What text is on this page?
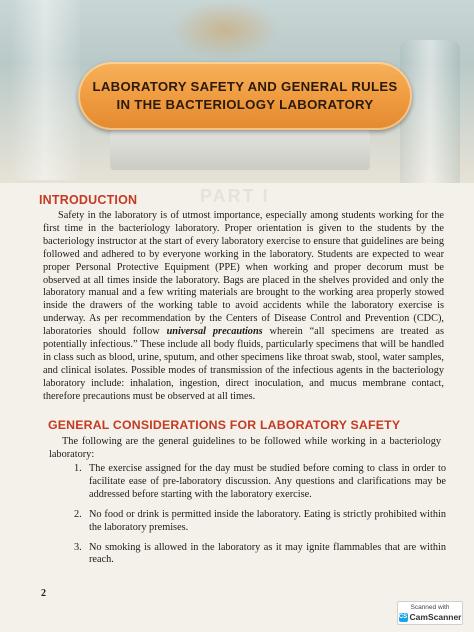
LABORATORY SAFETY AND GENERAL RULES
IN THE BACTERIOLOGY LABORATORY
PART I
INTRODUCTION

Safety in the laboratory is of utmost importance, especially among students working for the first time in the bacteriology laboratory. Proper orientation is given to the students by the bacteriology instructor at the start of every laboratory exercise to ensure that guidelines are being followed and adhered to by everyone working in the laboratory. Students are expected to wear proper Personal Protective Equipment (PPE) when working and proper decorum must be observed at all times inside the laboratory. Bags are placed in the shelves provided and only the laboratory manual and a few writing materials are brought to the working area properly stowed inside the drawers of the working table to avoid accidents while the laboratory exercise is underway. As per recommendation by the Centers of Disease Control and Prevention (CDC), laboratories should follow universal precautions wherein “all specimens are treated as potentially infectious.” These include all body fluids, particularly specimens that will be handled in class such as blood, urine, sputum, and other specimens like throat swab, stool, water samples, and clinical isolates. Possible modes of transmission of the infectious agents in the bacteriology laboratory include: inhalation, ingestion, direct inoculation, and mucus membrane contact, therefore precautions must be observed at all times.

GENERAL CONSIDERATIONS FOR LABORATORY SAFETY

The following are the general guidelines to be followed while working in a bacteriology laboratory:

1. The exercise assigned for the day must be studied before coming to class in order to facilitate ease of pre-laboratory discussion. Any questions and clarifications may be addressed before starting with the laboratory exercise.
2. No food or drink is permitted inside the laboratory. Eating is strictly prohibited within the laboratory premises.
3. No smoking is allowed in the laboratory as it may ignite flammables that are within reach.
2
Scanned with
CS CamScanner
